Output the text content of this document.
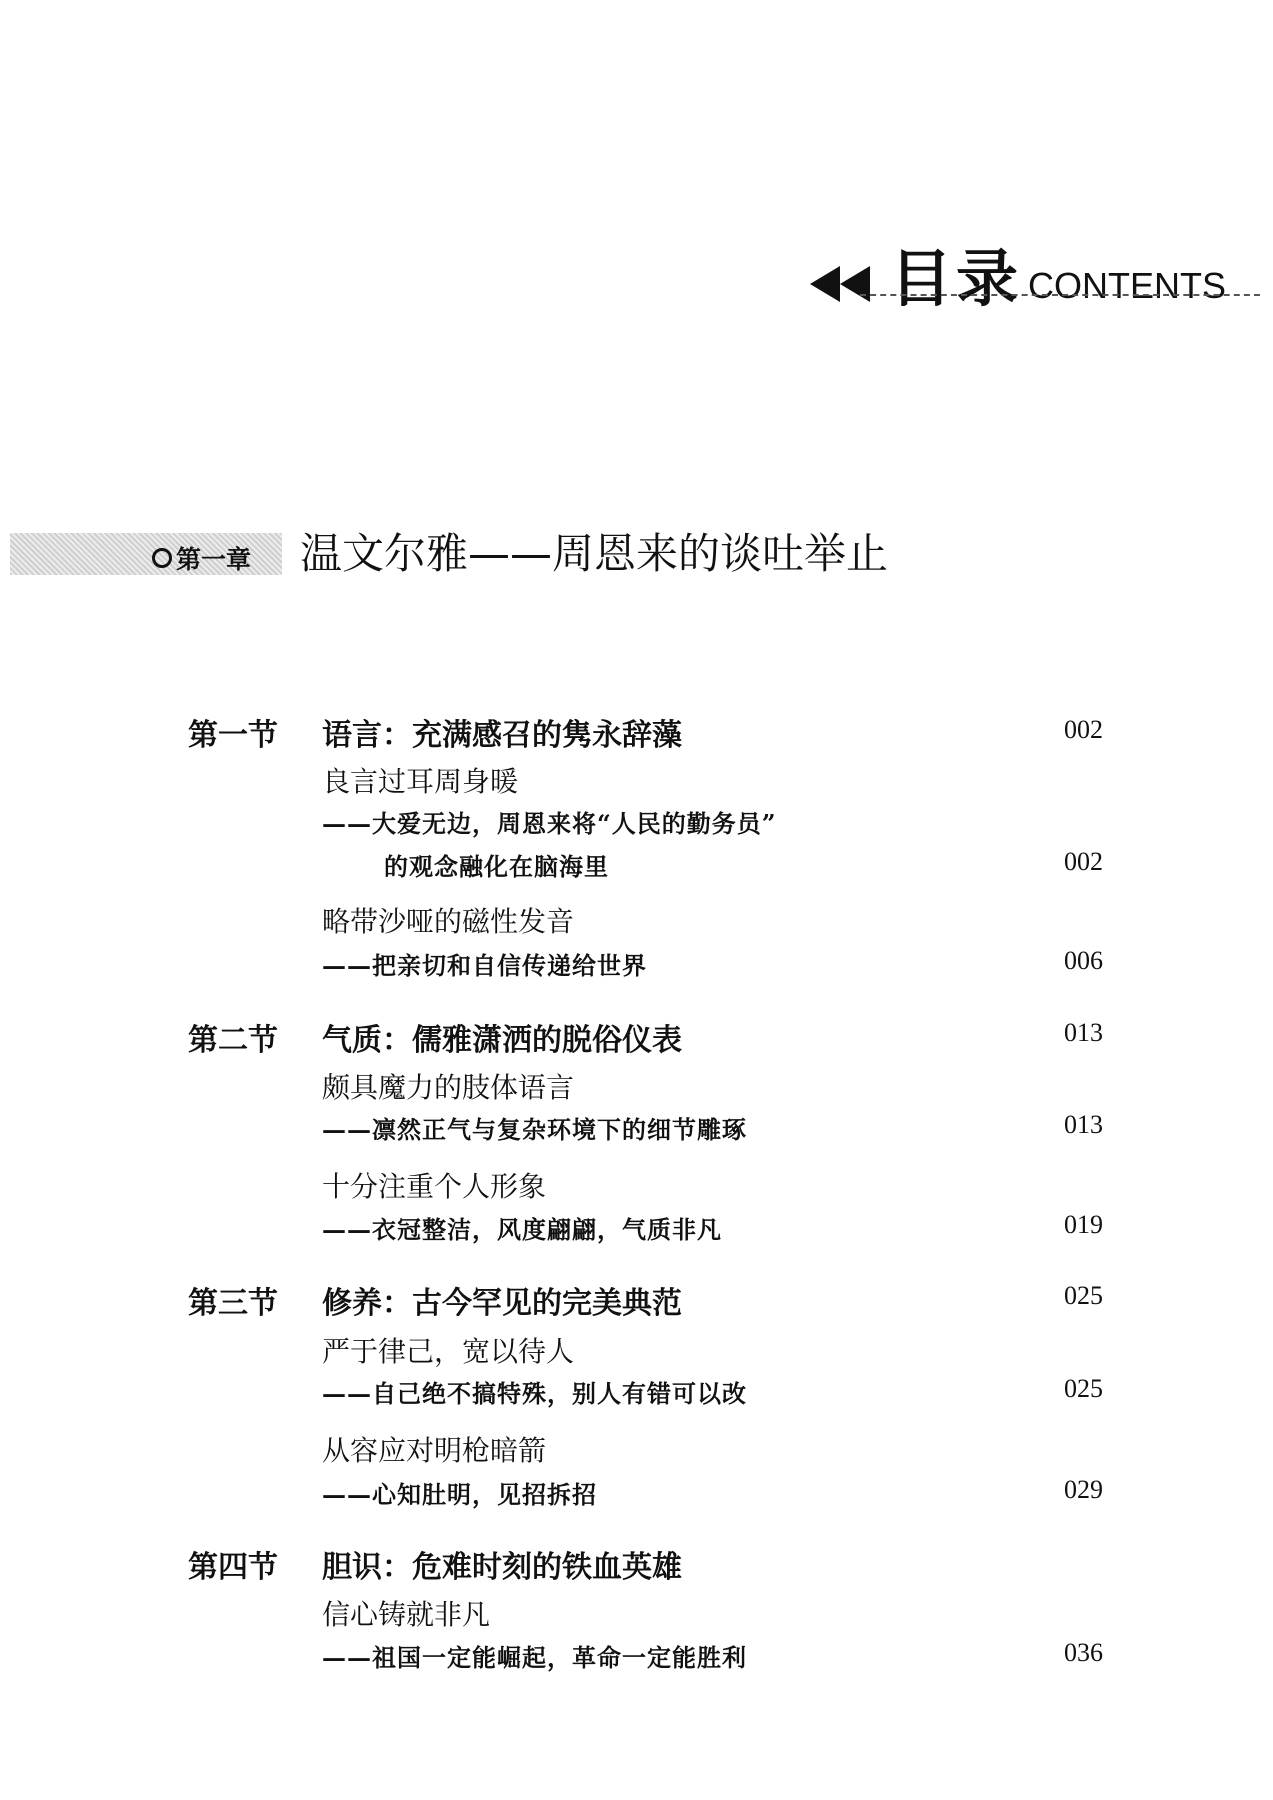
目录 CONTENTS
第一章 温文尔雅——周恩来的谈吐举止
第一节 语言：充满感召的隽永辞藻	002
良言过耳周身暖
——大爱无边，周恩来将“人民的勤务员”
的观念融化在脑海里	002
略带沙哑的磁性发音
——把亲切和自信传递给世界	006
第二节 气质：儒雅潇洒的脱俗仪表	013
颇具魔力的肢体语言
——凛然正气与复杂环境下的细节雕琢	013
十分注重个人形象
——衣冠整洁，风度翩翩，气质非凡	019
第三节 修养：古今罕见的完美典范	025
严于律己，宽以待人
——自己绝不搞特殊，别人有错可以改	025
从容应对明枪暗箭
——心知肚明，见招拆招	029
第四节 胆识：危难时刻的铁血英雄
信心铸就非凡
——祖国一定能崛起，革命一定能胜利	036
